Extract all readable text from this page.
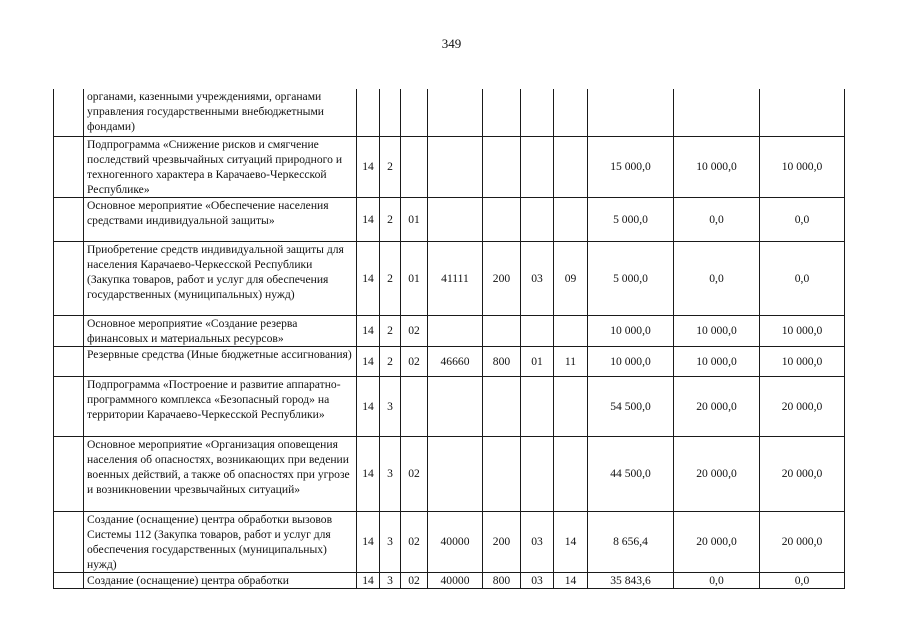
349
	органами, казенными учреждениями, органами управления государственными внебюджетными фондами)										
	Подпрограмма «Снижение рисков и смягчение последствий чрезвычайных ситуаций природного и техногенного характера в Карачаево-Черкесской Республике»	14	2						15 000,0	10 000,0	10 000,0
	Основное мероприятие «Обеспечение населения средствами индивидуальной защиты»	14	2	01					5 000,0	0,0	0,0
	Приобретение средств индивидуальной защиты для населения Карачаево-Черкесской Республики (Закупка товаров, работ и услуг для обеспечения государственных (муниципальных) нужд)	14	2	01	41111	200	03	09	5 000,0	0,0	0,0
	Основное мероприятие «Создание резерва финансовых и материальных ресурсов»	14	2	02					10 000,0	10 000,0	10 000,0
	Резервные средства (Иные бюджетные ассигнования)	14	2	02	46660	800	01	11	10 000,0	10 000,0	10 000,0
	Подпрограмма «Построение и развитие аппаратно-программного комплекса «Безопасный город» на территории Карачаево-Черкесской Республики»	14	3						54 500,0	20 000,0	20 000,0
	Основное мероприятие «Организация оповещения населения об опасностях, возникающих при ведении военных действий, а также об опасностях при угрозе и возникновении чрезвычайных ситуаций»	14	3	02					44 500,0	20 000,0	20 000,0
	Создание (оснащение) центра обработки вызовов Системы 112 (Закупка товаров, работ и услуг для обеспечения государственных (муниципальных) нужд)	14	3	02	40000	200	03	14	8 656,4	20 000,0	20 000,0
	Создание (оснащение) центра обработки	14	3	02	40000	800	03	14	35 843,6	0,0	0,0
